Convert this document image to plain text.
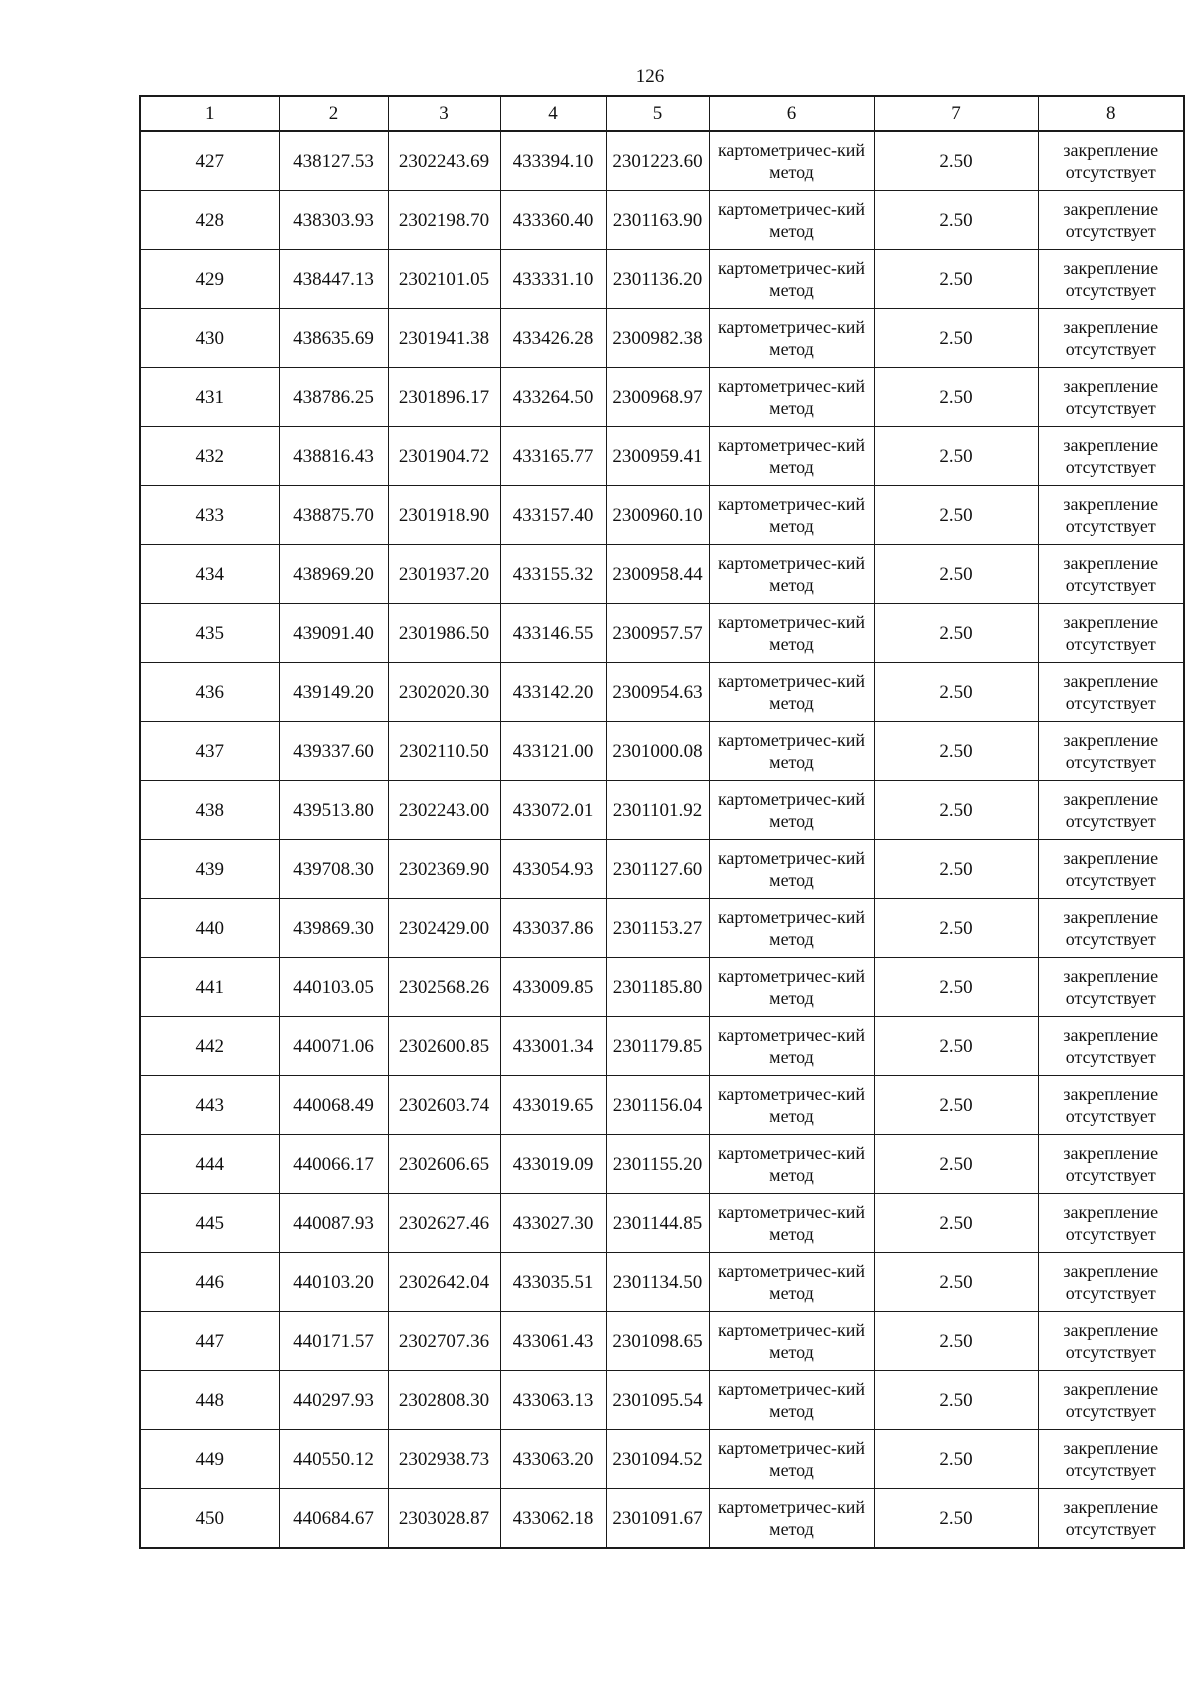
126
1	2	3	4	5	6	7	8
427	438127.53	2302243.69	433394.10	2301223.60	картометричес-кий метод	2.50	закрепление отсутствует
428	438303.93	2302198.70	433360.40	2301163.90	картометричес-кий метод	2.50	закрепление отсутствует
429	438447.13	2302101.05	433331.10	2301136.20	картометричес-кий метод	2.50	закрепление отсутствует
430	438635.69	2301941.38	433426.28	2300982.38	картометричес-кий метод	2.50	закрепление отсутствует
431	438786.25	2301896.17	433264.50	2300968.97	картометричес-кий метод	2.50	закрепление отсутствует
432	438816.43	2301904.72	433165.77	2300959.41	картометричес-кий метод	2.50	закрепление отсутствует
433	438875.70	2301918.90	433157.40	2300960.10	картометричес-кий метод	2.50	закрепление отсутствует
434	438969.20	2301937.20	433155.32	2300958.44	картометричес-кий метод	2.50	закрепление отсутствует
435	439091.40	2301986.50	433146.55	2300957.57	картометричес-кий метод	2.50	закрепление отсутствует
436	439149.20	2302020.30	433142.20	2300954.63	картометричес-кий метод	2.50	закрепление отсутствует
437	439337.60	2302110.50	433121.00	2301000.08	картометричес-кий метод	2.50	закрепление отсутствует
438	439513.80	2302243.00	433072.01	2301101.92	картометричес-кий метод	2.50	закрепление отсутствует
439	439708.30	2302369.90	433054.93	2301127.60	картометричес-кий метод	2.50	закрепление отсутствует
440	439869.30	2302429.00	433037.86	2301153.27	картометричес-кий метод	2.50	закрепление отсутствует
441	440103.05	2302568.26	433009.85	2301185.80	картометричес-кий метод	2.50	закрепление отсутствует
442	440071.06	2302600.85	433001.34	2301179.85	картометричес-кий метод	2.50	закрепление отсутствует
443	440068.49	2302603.74	433019.65	2301156.04	картометричес-кий метод	2.50	закрепление отсутствует
444	440066.17	2302606.65	433019.09	2301155.20	картометричес-кий метод	2.50	закрепление отсутствует
445	440087.93	2302627.46	433027.30	2301144.85	картометричес-кий метод	2.50	закрепление отсутствует
446	440103.20	2302642.04	433035.51	2301134.50	картометричес-кий метод	2.50	закрепление отсутствует
447	440171.57	2302707.36	433061.43	2301098.65	картометричес-кий метод	2.50	закрепление отсутствует
448	440297.93	2302808.30	433063.13	2301095.54	картометричес-кий метод	2.50	закрепление отсутствует
449	440550.12	2302938.73	433063.20	2301094.52	картометричес-кий метод	2.50	закрепление отсутствует
450	440684.67	2303028.87	433062.18	2301091.67	картометричес-кий метод	2.50	закрепление отсутствует
